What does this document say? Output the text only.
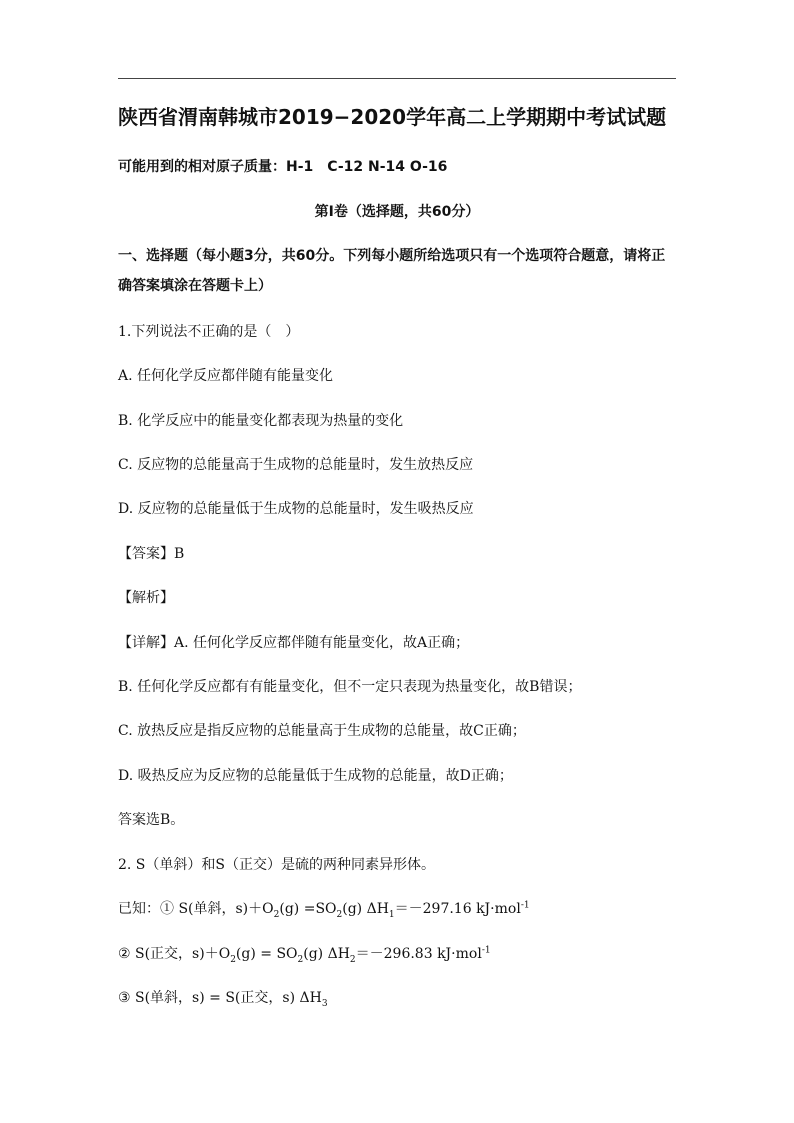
陕西省渭南韩城市2019−2020学年高二上学期期中考试试题
可能用到的相对原子质量：H-1　C-12 N-14 O-16
第Ⅰ卷（选择题，共60分）
一、选择题（每小题3分，共60分。下列每小题所给选项只有一个选项符合题意，请将正
确答案填涂在答题卡上）
1.下列说法不正确的是（　）
A. 任何化学反应都伴随有能量变化
B. 化学反应中的能量变化都表现为热量的变化
C. 反应物的总能量高于生成物的总能量时，发生放热反应
D. 反应物的总能量低于生成物的总能量时，发生吸热反应
【答案】B
【解析】
【详解】A. 任何化学反应都伴随有能量变化，故A正确；
B. 任何化学反应都有有能量变化，但不一定只表现为热量变化，故B错误；
C. 放热反应是指反应物的总能量高于生成物的总能量，故C正确；
D. 吸热反应为反应物的总能量低于生成物的总能量，故D正确；
答案选B。
2. S（单斜）和S（正交）是硫的两种同素异形体。
已知：① S(单斜，$s)+O_2(g) =SO_2(g)$ $\Delta H_1=-297.16$ kJ·mol$^{-1}$
② S(正交，$s)+O_2(g) = SO_2(g)$ $\Delta H_2=-296.83$ kJ·mol$^{-1}$
③ S(单斜，s) = S(正交，s) $\Delta H_3$
